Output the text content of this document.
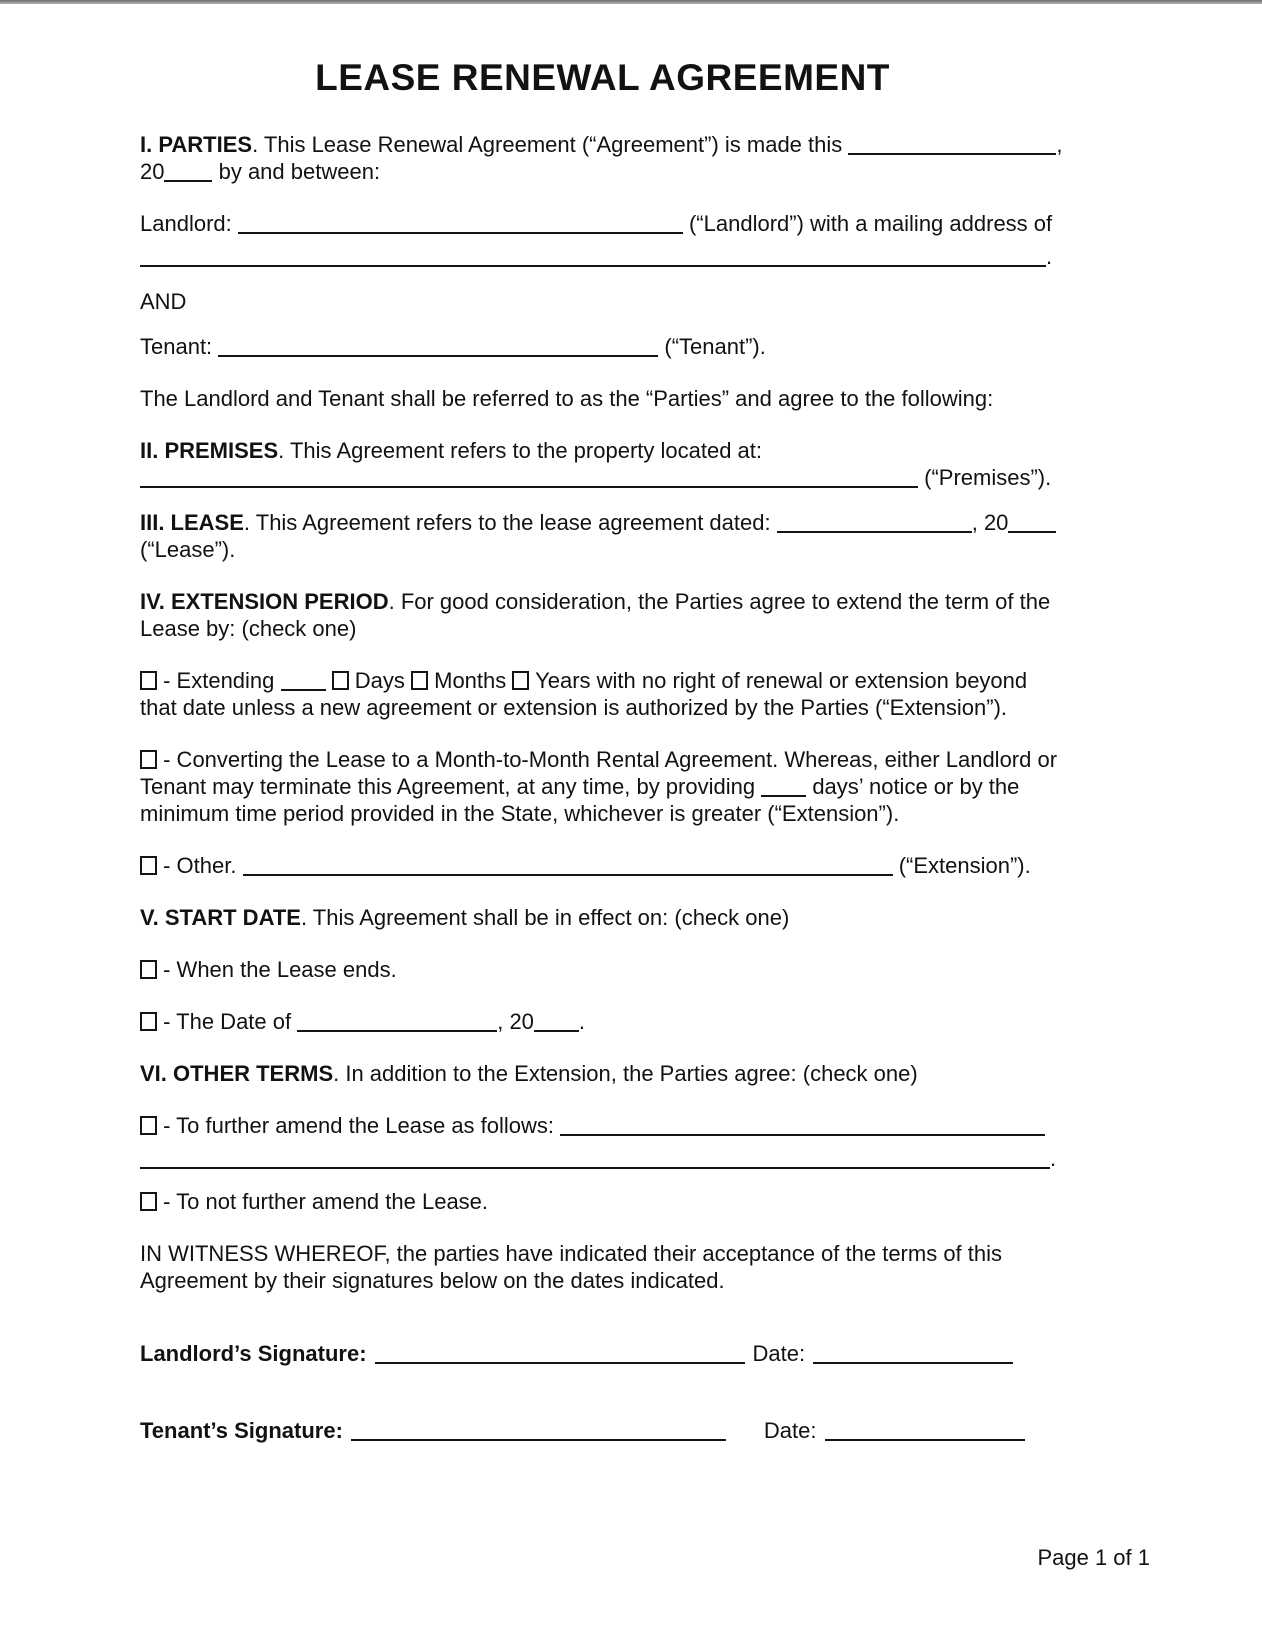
LEASE RENEWAL AGREEMENT
I. PARTIES. This Lease Renewal Agreement (“Agreement”) is made this	,
20 by and between:
Landlord:	(“Landlord”) with a mailing address of
.
AND
Tenant:	(“Tenant”).
The Landlord and Tenant shall be referred to as the “Parties” and agree to the following:
II. PREMISES. This Agreement refers to the property located at:
(“Premises”).
III. LEASE. This Agreement refers to the lease agreement dated:	, 20
(“Lease”).
IV. EXTENSION PERIOD. For good consideration, the Parties agree to extend the term of the
Lease by: (check one)
- Extending	Days  Months  Years with no right of renewal or extension beyond
that date unless a new agreement or extension is authorized by the Parties (“Extension”).
- Converting the Lease to a Month-to-Month Rental Agreement. Whereas, either Landlord or
Tenant may terminate this Agreement, at any time, by providing  days’ notice or by the
minimum time period provided in the State, whichever is greater (“Extension”).
- Other.	(“Extension”).
V. START DATE. This Agreement shall be in effect on: (check one)
- When the Lease ends.
- The Date of	, 20 .
VI. OTHER TERMS. In addition to the Extension, the Parties agree: (check one)
- To further amend the Lease as follows:
.
- To not further amend the Lease.
IN WITNESS WHEREOF, the parties have indicated their acceptance of the terms of this
Agreement by their signatures below on the dates indicated.
Landlord’s Signature:	Date:
Tenant’s Signature:	Date:
Page 1 of 1
